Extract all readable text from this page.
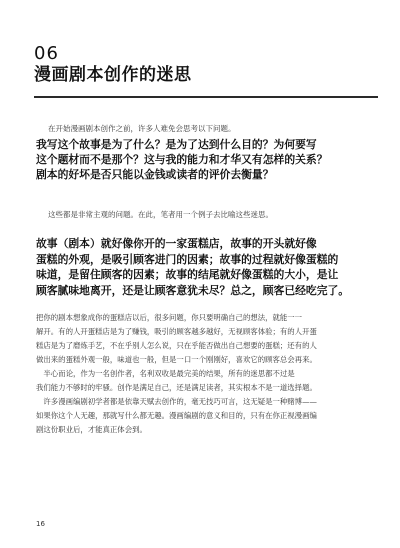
06
漫画剧本创作的迷思
在开始漫画剧本创作之前，许多人难免会思考以下问题。
我写这个故事是为了什么？是为了达到什么目的？为何要写
这个题材而不是那个？这与我的能力和才华又有怎样的关系？
剧本的好坏是否只能以金钱或读者的评价去衡量？
这些都是非常主观的问题。在此，笔者用一个例子去比喻这些迷思。
故事（剧本）就好像你开的一家蛋糕店，故事的开头就好像
蛋糕的外观，是吸引顾客进门的因素；故事的过程就好像蛋糕的
味道，是留住顾客的因素；故事的结尾就好像蛋糕的大小，是让
顾客腻味地离开，还是让顾客意犹未尽？总之，顾客已经吃完了。
把你的剧本想象成你的蛋糕店以后，很多问题，你只要明确自己的想法，就能一一
解开。有的人开蛋糕店是为了赚钱，吸引的顾客越多越好，无视顾客体验；有的人开蛋
糕店是为了磨炼手艺，不在乎别人怎么说，只在乎能否做出自己想要的蛋糕；还有的人
做出来的蛋糕外观一般，味道也一般，但是一口一个刚刚好，喜欢它的顾客总会再来。
　半心而论，作为一名创作者，名利双收是最完美的结果，所有的迷思都不过是
我们能力不够时的牢骚。创作是满足自己，还是满足读者，其实根本不是一道选择题。
　许多漫画编剧初学者都是依靠天赋去创作的，毫无技巧可言，这无疑是一种赌博——
如果你这个人无趣，那就写什么都无趣。漫画编剧的意义和目的，只有在你正视漫画编
剧这份职业后，才能真正体会到。
16
